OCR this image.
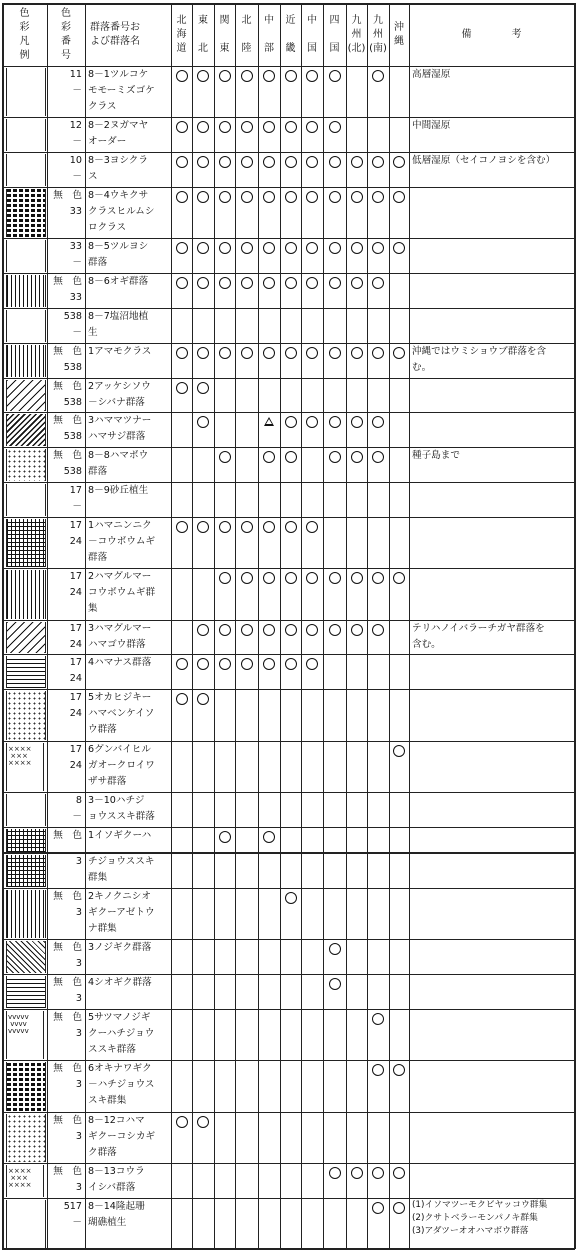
色
彩
凡
例
色
彩
番
号
群落番号お
よび群落名
北
海
道
東

北
関

東
北

陸
中

部
近

畿
中

国
四

国
九
州
(北)
九
州
(南)
沖
縄
備　　　　考
11
－
8－1ツルコケ
モモーミズゴケ
クラス
高層湿原
12
－
8－2ヌガマヤ
オーダー
中間湿原
10
－
8－3ヨシクラ
ス
低層湿原（セイコノヨシを含む）
無　色
33
8－4ウキクサ
クラスヒルムシ
ロクラス
33
－
8－5ツルヨシ
群落
無　色
33
8－6オギ群落
538
－
8－7塩沼地植
生
無　色
538
1アマモクラス	沖縄ではウミショウブ群落を含
む。
無　色
538
2アッケシソウ
－シバナ群落
無　色
538
3ハママツナー
ハマサジ群落
無　色
538
8－8ハマボウ
群落
種子島まで
17
－
8－9砂丘植生
17
24
1ハマニンニク
－コウボウムギ
群落
17
24
2ハマグルマー
コウボウムギ群
集
17
24
3ハマグルマー
ハマゴウ群落
テリハノイバラーチガヤ群落を
含む。
17
24
4ハマナス群落
17
24
5オカヒジキー
ハマベンケイソ
ウ群落
××××
×××
××××
17
24
6グンバイヒル
ガオークロイワ
ザサ群落
8
－
3－10ハチジ
ョウススキ群落
無　色 1イソギクーハ
3 チジョウススキ
群集
無　色
3
2キノクニシオ
ギクーアゼトウ
ナ群集
無　色
3
3ノジギク群落
無　色
3
4シオギク群落
vvvvv
vvvv
vvvvv
無　色
3
5サツマノジギ
クーハチジョウ
ススキ群落
無　色
3
6オキナワギク
－ハチジョウス
スキ群集
無　色
3
8－12コハマ
ギクーコシカギ
ク群落
××××
×××
××××
無　色
3
8－13コウラ
イシバ群落
517
－
8－14隆起珊
瑚礁植生
(1)イソマツーモクビヤッコウ群集
(2)クサトベラーモンパノキ群集
(3)アダツーオオハマボウ群落
